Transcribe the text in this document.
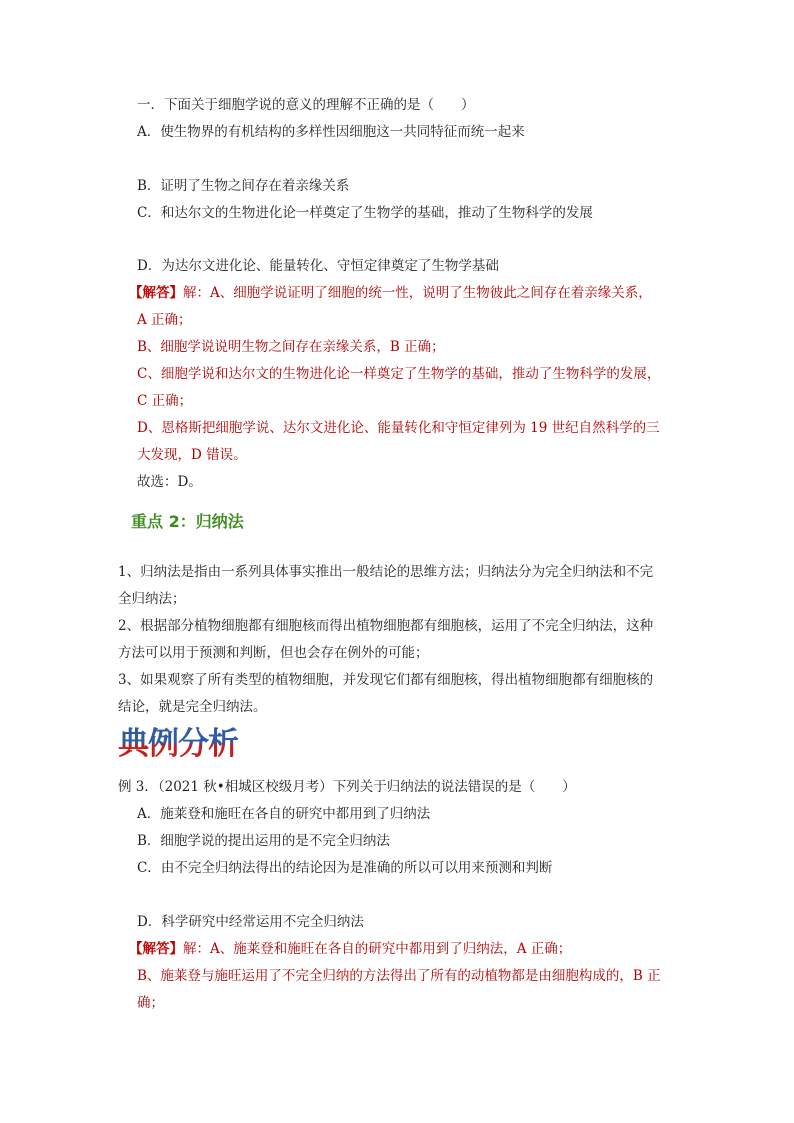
一．下面关于细胞学说的意义的理解不正确的是（　　）
A．使生物界的有机结构的多样性因细胞这一共同特征而统一起来
B．证明了生物之间存在着亲缘关系
C．和达尔文的生物进化论一样奠定了生物学的基础，推动了生物科学的发展
D．为达尔文进化论、能量转化、守恒定律奠定了生物学基础
【解答】解：A、细胞学说证明了细胞的统一性，说明了生物彼此之间存在着亲缘关系，
A 正确；
B、细胞学说说明生物之间存在亲缘关系，B 正确；
C、细胞学说和达尔文的生物进化论一样奠定了生物学的基础，推动了生物科学的发展，
C 正确；
D、恩格斯把细胞学说、达尔文进化论、能量转化和守恒定律列为 19 世纪自然科学的三
大发现，D 错误。
故选：D。
重点 2：归纳法
1、归纳法是指由一系列具体事实推出一般结论的思维方法；归纳法分为完全归纳法和不完
全归纳法；
2、根据部分植物细胞都有细胞核而得出植物细胞都有细胞核，运用了不完全归纳法，这种
方法可以用于预测和判断，但也会存在例外的可能；
3、如果观察了所有类型的植物细胞，并发现它们都有细胞核，得出植物细胞都有细胞核的
结论，就是完全归纳法。
典例分析
例 3．（2021 秋•相城区校级月考）下列关于归纳法的说法错误的是（　　）
A．施莱登和施旺在各自的研究中都用到了归纳法
B．细胞学说的提出运用的是不完全归纳法
C．由不完全归纳法得出的结论因为是准确的所以可以用来预测和判断
D．科学研究中经常运用不完全归纳法
【解答】解：A、施莱登和施旺在各自的研究中都用到了归纳法，A 正确；
B、施莱登与施旺运用了不完全归纳的方法得出了所有的动植物都是由细胞构成的，B 正
确；
